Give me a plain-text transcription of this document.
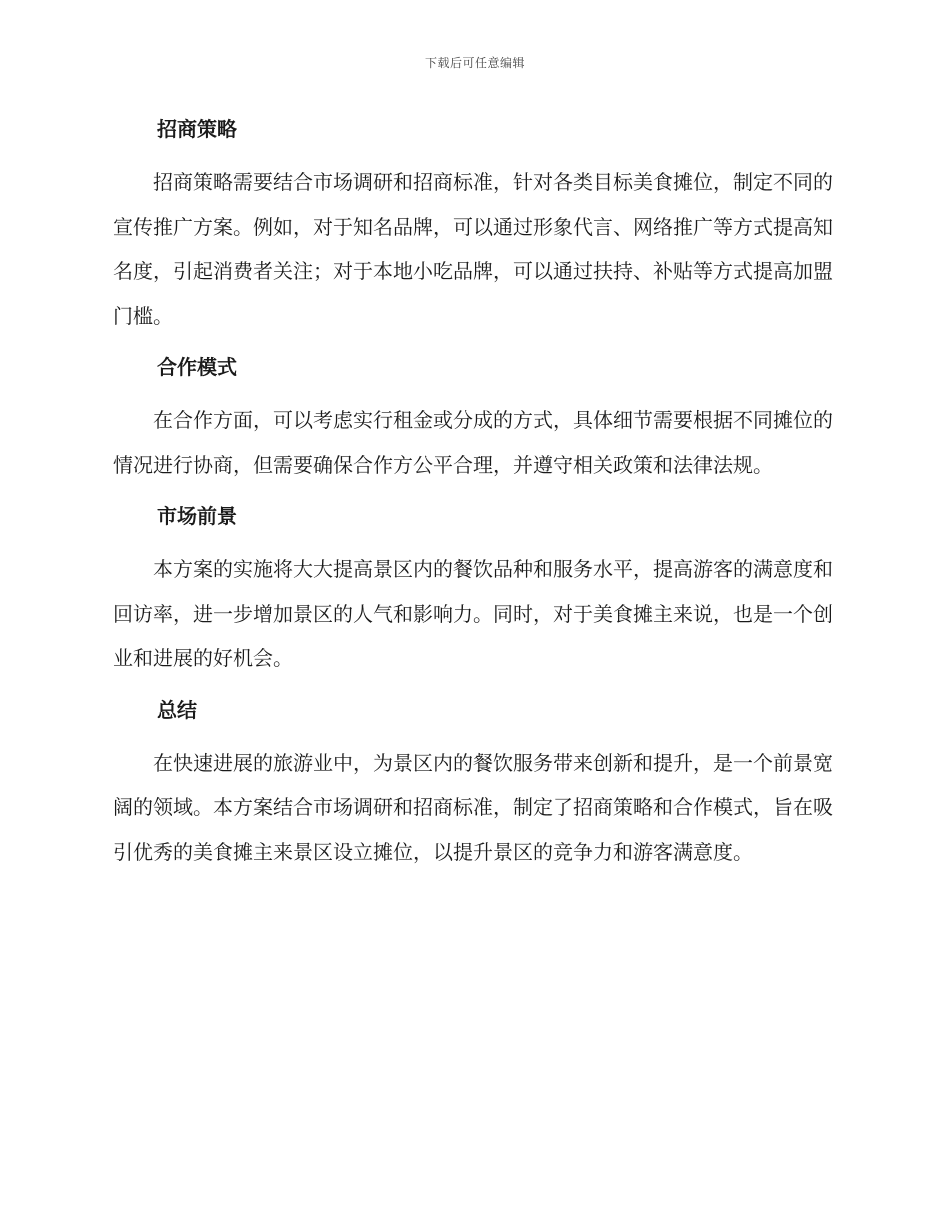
下载后可任意编辑
招商策略

招商策略需要结合市场调研和招商标准，针对各类目标美食摊位，制定不同的宣传推广方案。例如，对于知名品牌，可以通过形象代言、网络推广等方式提高知名度，引起消费者关注；对于本地小吃品牌，可以通过扶持、补贴等方式提高加盟门槛。

合作模式

在合作方面，可以考虑实行租金或分成的方式，具体细节需要根据不同摊位的情况进行协商，但需要确保合作方公平合理，并遵守相关政策和法律法规。

市场前景

本方案的实施将大大提高景区内的餐饮品种和服务水平，提高游客的满意度和回访率，进一步增加景区的人气和影响力。同时，对于美食摊主来说，也是一个创业和进展的好机会。

总结

在快速进展的旅游业中，为景区内的餐饮服务带来创新和提升，是一个前景宽阔的领域。本方案结合市场调研和招商标准，制定了招商策略和合作模式，旨在吸引优秀的美食摊主来景区设立摊位，以提升景区的竞争力和游客满意度。
